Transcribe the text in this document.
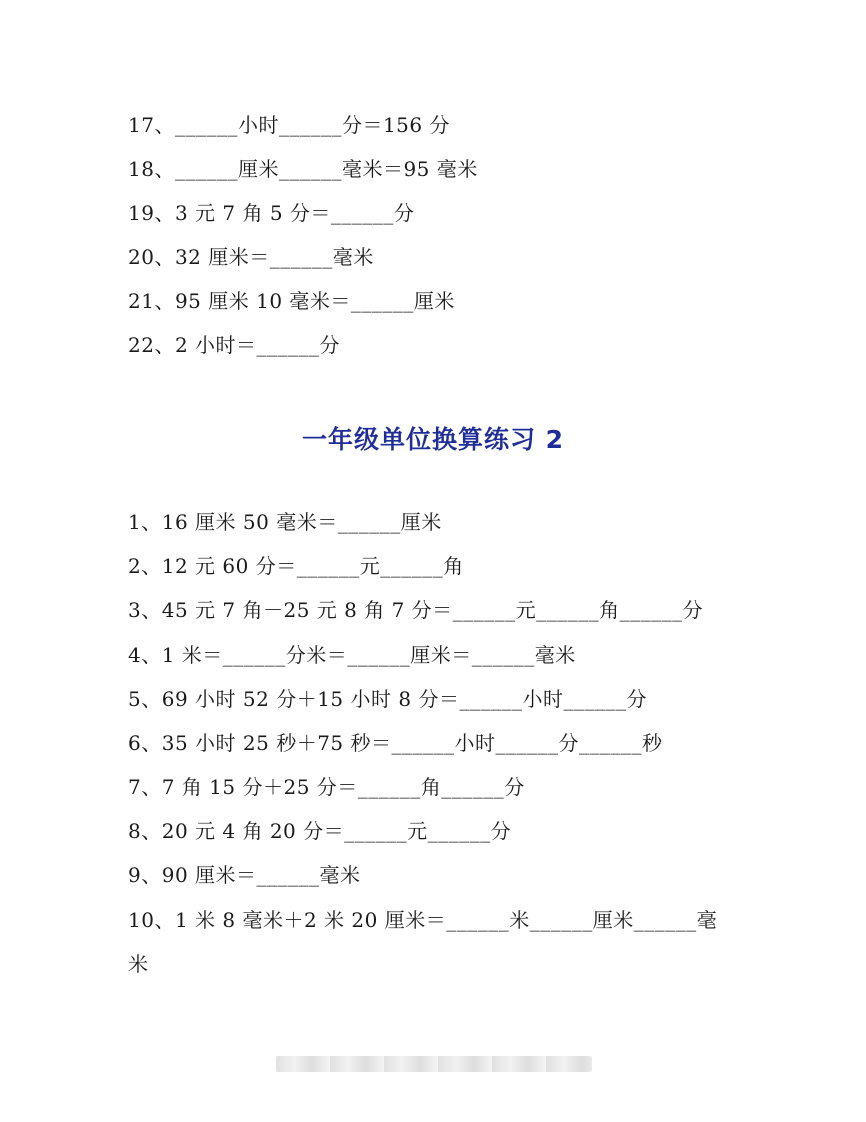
17、______小时______分＝156 分
18、______厘米______毫米＝95 毫米
19、3 元 7 角 5 分＝______分
20、32 厘米＝______毫米
21、95 厘米 10 毫米＝______厘米
22、2 小时＝______分
一年级单位换算练习 2
1、16 厘米 50 毫米＝______厘米
2、12 元 60 分＝______元______角
3、45 元 7 角－25 元 8 角 7 分＝______元______角______分
4、1 米＝______分米＝______厘米＝______毫米
5、69 小时 52 分＋15 小时 8 分＝______小时______分
6、35 小时 25 秒＋75 秒＝______小时______分______秒
7、7 角 15 分＋25 分＝______角______分
8、20 元 4 角 20 分＝______元______分
9、90 厘米＝______毫米
10、1 米 8 毫米＋2 米 20 厘米＝______米______厘米______毫
米
